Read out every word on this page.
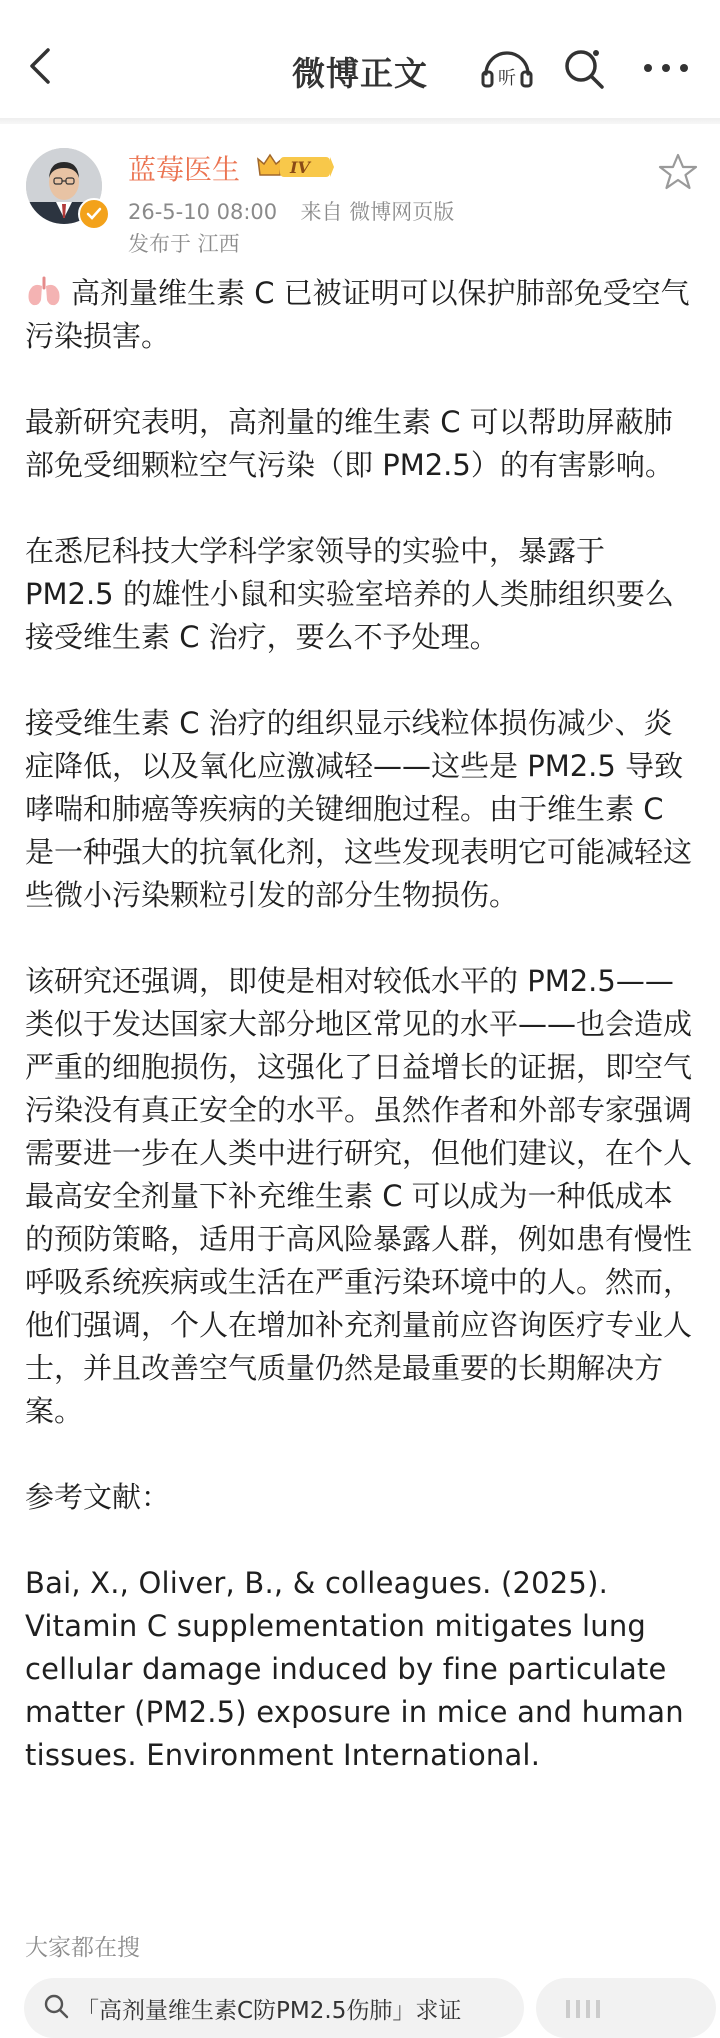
微博正文	听
蓝莓医生	IV
26-5-10 08:00 来自 微博网页版
发布于 江西

高剂量维生素 C 已被证明可以保护肺部免受空气污染损害。

最新研究表明，高剂量的维生素 C 可以帮助屏蔽肺部免受细颗粒空气污染（即 PM2.5）的有害影响。

在悉尼科技大学科学家领导的实验中，暴露于 PM2.5 的雄性小鼠和实验室培养的人类肺组织要么接受维生素 C 治疗，要么不予处理。

接受维生素 C 治疗的组织显示线粒体损伤减少、炎症降低，以及氧化应激减轻——这些是 PM2.5 导致哮喘和肺癌等疾病的关键细胞过程。由于维生素 C 是一种强大的抗氧化剂，这些发现表明它可能减轻这些微小污染颗粒引发的部分生物损伤。

该研究还强调，即使是相对较低水平的 PM2.5——类似于发达国家大部分地区常见的水平——也会造成严重的细胞损伤，这强化了日益增长的证据，即空气污染没有真正安全的水平。虽然作者和外部专家强调需要进一步在人类中进行研究，但他们建议，在个人最高安全剂量下补充维生素 C 可以成为一种低成本的预防策略，适用于高风险暴露人群，例如患有慢性呼吸系统疾病或生活在严重污染环境中的人。然而，他们强调，个人在增加补充剂量前应咨询医疗专业人士，并且改善空气质量仍然是最重要的长期解决方案。

参考文献：

Bai, X., Oliver, B., & colleagues. (2025). Vitamin C supplementation mitigates lung cellular damage induced by fine particulate matter (PM2.5) exposure in mice and human tissues. Environment International.

大家都在搜
「高剂量维生素C防PM2.5伤肺」求证
